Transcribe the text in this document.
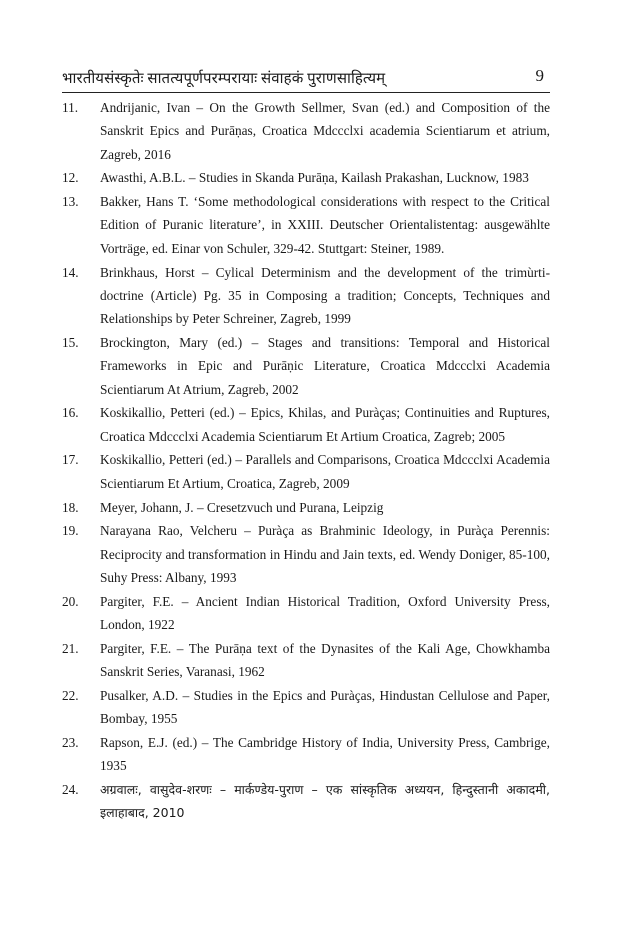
भारतीयसंस्कृतेः सातत्यपूर्णपरम्परायाः संवाहकं पुराणसाहित्यम्	9
11.	Andrijanic, Ivan – On the Growth Sellmer, Svan (ed.) and Composition of the Sanskrit Epics and Purāṇas, Croatica Mdccclxi academia Scientiarum et atrium, Zagreb, 2016
12.	Awasthi, A.B.L. – Studies in Skanda Purāṇa, Kailash Prakashan, Lucknow, 1983
13.	Bakker, Hans T. ‘Some methodological considerations with respect to the Critical Edition of Puranic literature’, in XXIII. Deutscher Orientalistentag: ausgewählte Vorträge, ed. Einar von Schuler, 329-42. Stuttgart: Steiner, 1989.
14.	Brinkhaus, Horst – Cylical Determinism and the development of the trimùrti-doctrine (Article) Pg. 35 in Composing a tradition; Concepts, Techniques and Relationships by Peter Schreiner, Zagreb, 1999
15.	Brockington, Mary (ed.) – Stages and transitions: Temporal and Historical Frameworks in Epic and Purāṇic Literature, Croatica Mdccclxi Academia Scientiarum At Atrium, Zagreb, 2002
16.	Koskikallio, Petteri (ed.) – Epics, Khilas, and Puràças; Continuities and Ruptures, Croatica Mdccclxi Academia Scientiarum Et Artium Croatica, Zagreb; 2005
17.	Koskikallio, Petteri (ed.) – Parallels and Comparisons, Croatica Mdccclxi Academia Scientiarum Et Artium, Croatica, Zagreb, 2009
18.	Meyer, Johann, J. – Cresetzvuch und Purana, Leipzig
19.	Narayana Rao, Velcheru – Puràça as Brahminic Ideology, in Puràça Perennis: Reciprocity and transformation in Hindu and Jain texts, ed. Wendy Doniger, 85-100, Suhy Press: Albany, 1993
20.	Pargiter, F.E. – Ancient Indian Historical Tradition, Oxford University Press, London, 1922
21.	Pargiter, F.E. – The Purāṇa text of the Dynasites of the Kali Age, Chowkhamba Sanskrit Series, Varanasi, 1962
22.	Pusalker, A.D. – Studies in the Epics and Puràças, Hindustan Cellulose and Paper, Bombay, 1955
23.	Rapson, E.J. (ed.) – The Cambridge History of India, University Press, Cambrige, 1935
24.	अग्रवालः, वासुदेव-शरणः – मार्कण्डेय-पुराण – एक सांस्कृतिक अध्ययन, हिन्दुस्तानी अकादमी, इलाहाबाद, 2010
